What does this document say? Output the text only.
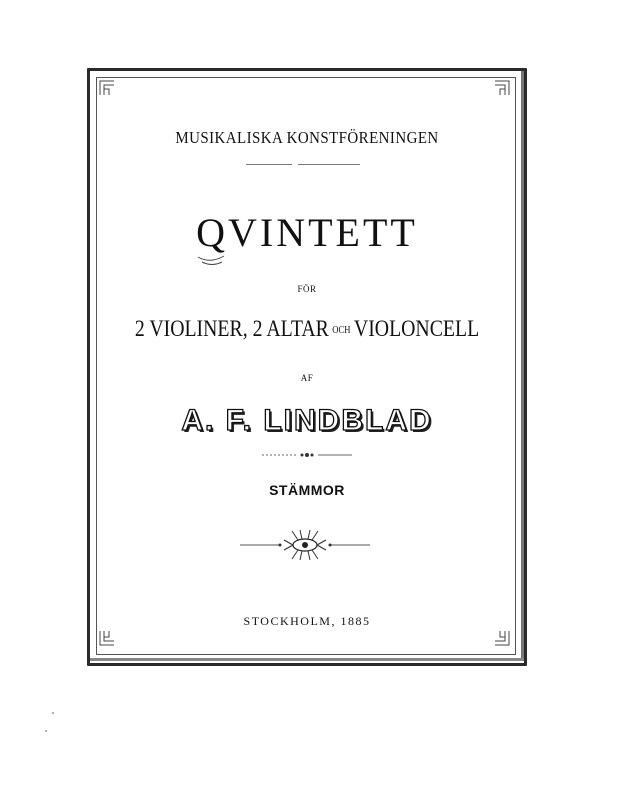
MUSIKALISKA KONSTFÖRENINGEN
QVINTETT
FÖR
2 VIOLINER, 2 ALTAR OCH VIOLONCELL
AF
A. F. LINDBLAD
STÄMMOR
STOCKHOLM, 1885
